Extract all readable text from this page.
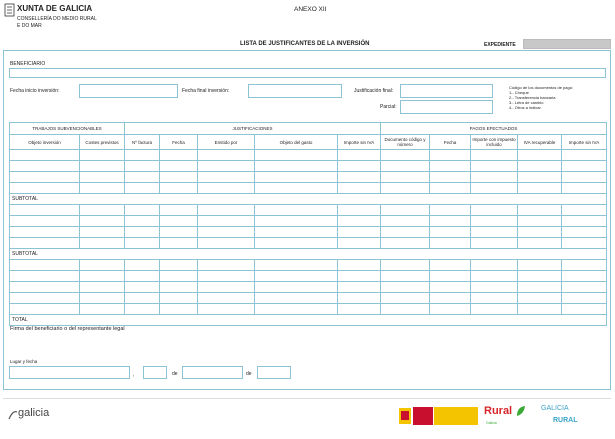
XUNTA DE GALICIA
CONSELLERÍA DO MEDIO RURAL
E DO MAR
ANEXO XII
LISTA DE JUSTIFICANTES DE LA INVERSIÓN	EXPEDIENTE
BENEFICIARIO
Fecha inicio inversión:	Fecha final inversión:	Justificación final:
Parcial:
Código de los documentos de pago:
1.- Cheque
2.- Transferencia bancaria
3.- Letra de cambio
4.- Otros a indicar
TRABAJOS SUBVENCIONABLES		JUSTIFICACIONES					PAGOS EFECTUADOS				
Objeto inversión	Costes previstos	Nº factura	Fecha	Emitido por	Objeto del gasto	Importe sin IVA	Documento código y número	Fecha	Importe con impuesto incluido	IVA recuperable	Importe sin IVA

SUBTOTAL											

SUBTOTAL											

TOTAL											
Firma del beneficiario o del representante legal
Lugar y fecha
,	de	de
galicia	Rural
Galicia
GALICIA
RURAL
